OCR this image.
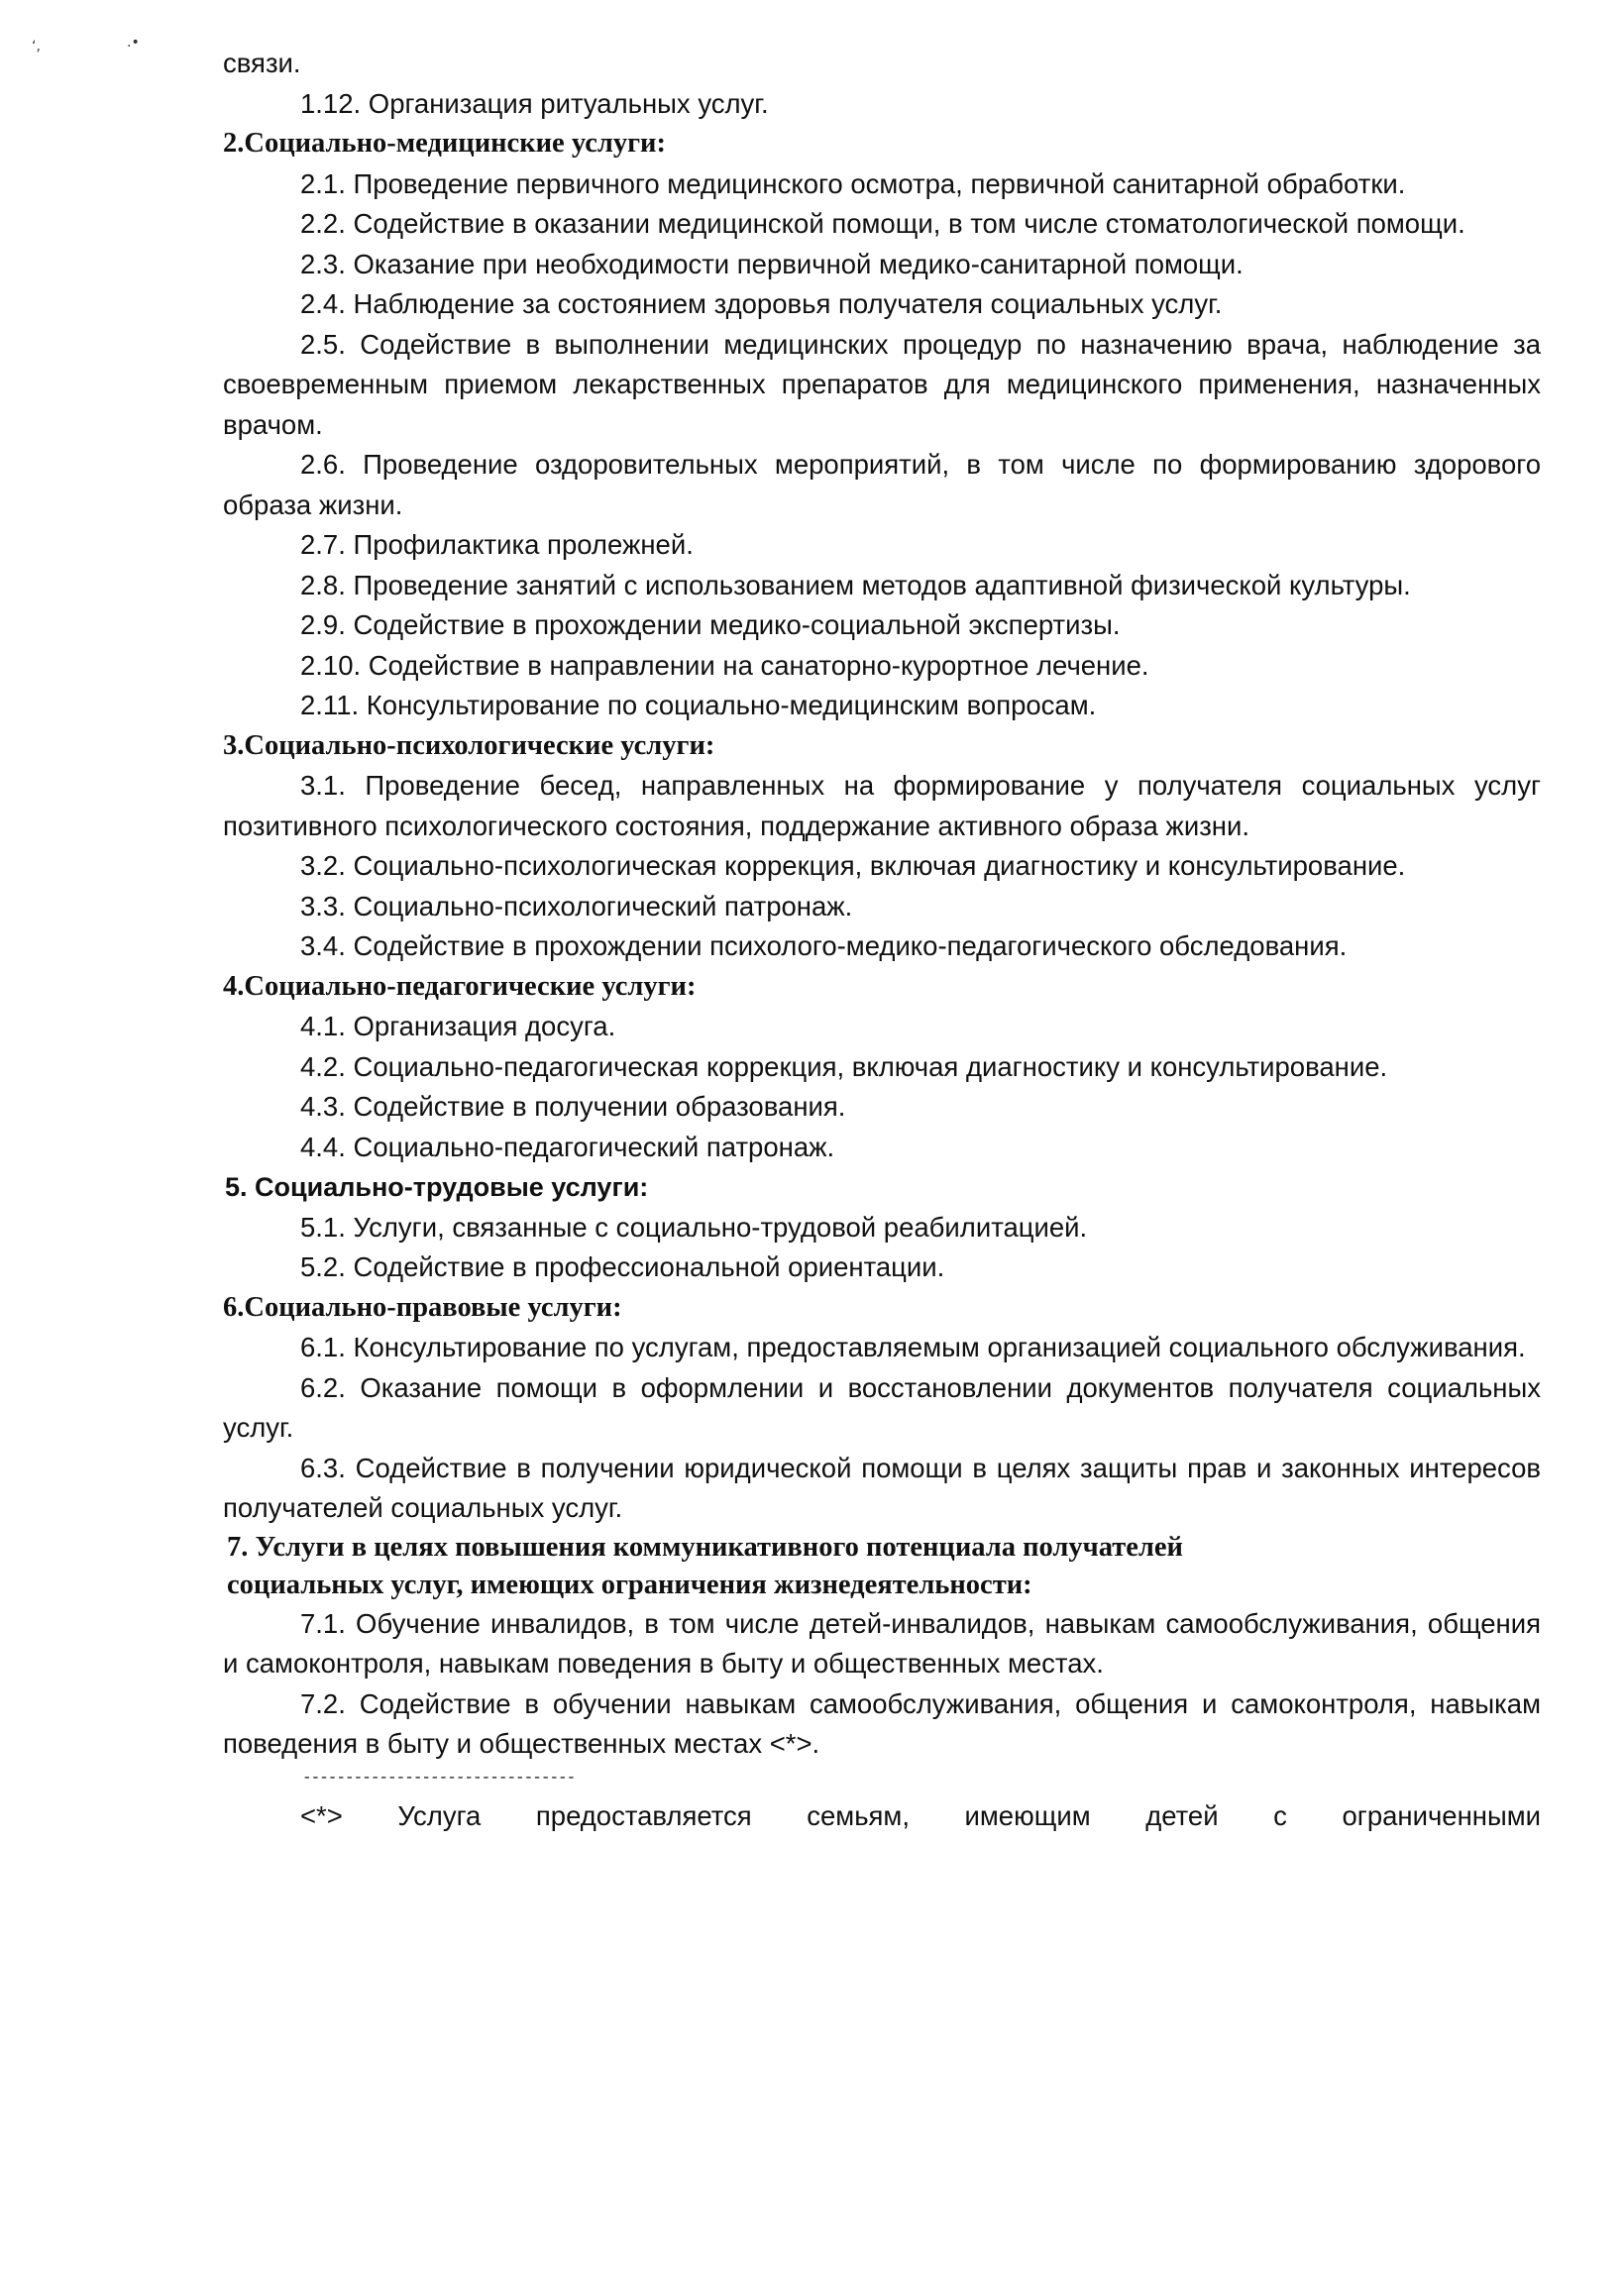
ʻ,	.•

связи.

1.12. Организация ритуальных услуг.

2.Социально-медицинские услуги:

2.1. Проведение первичного медицинского осмотра, первичной санитарной обработки.

2.2. Содействие в оказании медицинской помощи, в том числе стоматологической помощи.

2.3. Оказание при необходимости первичной медико-санитарной помощи.

2.4. Наблюдение за состоянием здоровья получателя социальных услуг.

2.5. Содействие в выполнении медицинских процедур по назначению врача, наблюдение за своевременным приемом лекарственных препаратов для медицинского применения, назначенных врачом.

2.6. Проведение оздоровительных мероприятий, в том числе по формированию здорового образа жизни.

2.7. Профилактика пролежней.

2.8. Проведение занятий с использованием методов адаптивной физической культуры.

2.9. Содействие в прохождении медико-социальной экспертизы.

2.10. Содействие в направлении на санаторно-курортное лечение.

2.11. Консультирование по социально-медицинским вопросам.

3.Социально-психологические услуги:

3.1. Проведение бесед, направленных на формирование у получателя социальных услуг позитивного психологического состояния, поддержание активного образа жизни.

3.2. Социально-психологическая коррекция, включая диагностику и консультирование.

3.3. Социально-психологический патронаж.

3.4. Содействие в прохождении психолого-медико-педагогического обследования.

4.Социально-педагогические услуги:

4.1. Организация досуга.

4.2. Социально-педагогическая коррекция, включая диагностику и консультирование.

4.3. Содействие в получении образования.

4.4. Социально-педагогический патронаж.

5. Социально-трудовые услуги:

5.1. Услуги, связанные с социально-трудовой реабилитацией.

5.2. Содействие в профессиональной ориентации.

6.Социально-правовые услуги:

6.1. Консультирование по услугам, предоставляемым организацией социального обслуживания.

6.2. Оказание помощи в оформлении и восстановлении документов получателя социальных услуг.

6.3. Содействие в получении юридической помощи в целях защиты прав и законных интересов получателей социальных услуг.

7. Услуги в целях повышения коммуникативного потенциала получателей

социальных услуг, имеющих ограничения жизнедеятельности:

7.1. Обучение инвалидов, в том числе детей-инвалидов, навыкам самообслуживания, общения и самоконтроля, навыкам поведения в быту и общественных местах.

7.2. Содействие в обучении навыкам самообслуживания, общения и самоконтроля, навыкам поведения в быту и общественных местах <*>.

--------------------------------

<*> Услуга предоставляется семьям, имеющим детей с ограниченными
